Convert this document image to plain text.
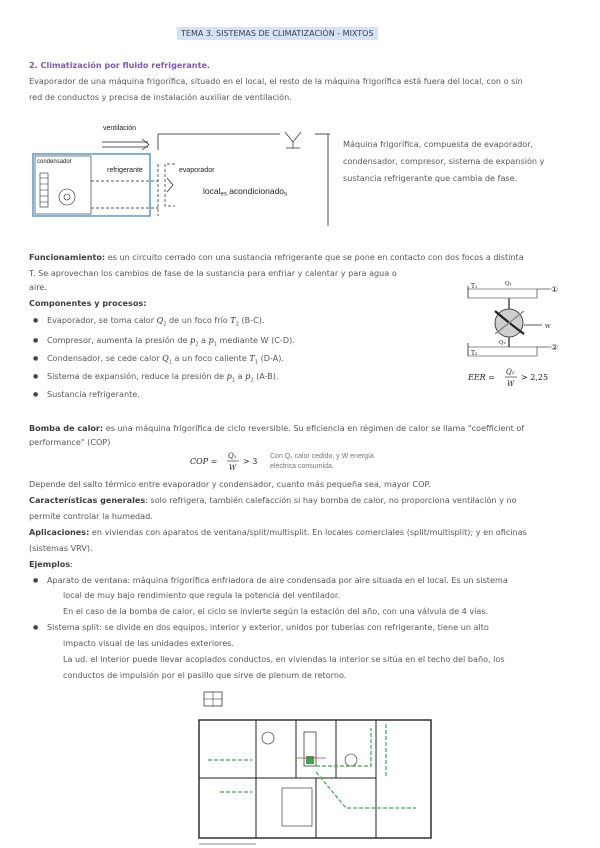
TEMA 3. SISTEMAS DE CLIMATIZACIÓN - MIXTOS
2. Climatización por fluido refrigerante.
Evaporador de una máquina frigorífica, situado en el local, el resto de la máquina frigorífica está fuera del local, con o sin
red de conductos y precisa de instalación auxiliar de ventilación.
ventilación
condensador
refrigerante	evaporador
locales acondicionados
Máquina frigorífica, compuesta de evaporador,
condensador, compresor, sistema de expansión y
sustancia refrigerante que cambia de fase.
Funcionamiento: es un circuito cerrado con una sustancia refrigerante que se pone en contacto con dos focos a distinta
T. Se aprovechan los cambios de fase de la sustancia para enfriar y calentar y para agua o
aire.
Componentes y procesos:
● Evaporador, se toma calor $Q_2$ de un foco frío $T_2$ (B-C).
● Compresor, aumenta la presión de $p_2$ a $p_1$ mediante W (C-D).
● Condensador, se cede calor $Q_1$ a un foco caliente $T_1$ (D-A).
● Sistema de expansión, reduce la presión de $p_1$ a $p_2$ (A-B).
● Sustancia refrigerante.
T₁
T₂
Q₁
Q₂
W
①
②
EER =
Q₂
W
> 2,25
Bomba de calor: es una máquina frigorífica de ciclo reversible. Su eficiencia en régimen de calor se llama "coefficient of
performance" (COP)
COP =
Q₁
W
> 3
Con Q₁ calor cedido, y W energía
eléctrica consumida.
Depende del salto térmico entre evaporador y condensador, cuanto más pequeña sea, mayor COP.
Características generales: solo refrigera, también calefacción si hay bomba de calor, no proporciona ventilación y no
permite controlar la humedad.
Aplicaciones: en viviendas con aparatos de ventana/split/multisplit. En locales comerciales (split/multisplit); y en oficinas
(sistemas VRV).
Ejemplos:
● Aparato de ventana: máquina frigorífica enfriadora de aire condensada por aire situada en el local. Es un sistema
local de muy bajo rendimiento que regula la potencia del ventilador.
En el caso de la bomba de calor, el ciclo se invierte según la estación del año, con una válvula de 4 vías.
● Sistema split: se divide en dos equipos, interior y exterior, unidos por tuberías con refrigerante, tiene un alto
impacto visual de las unidades exteriores.
La ud. el interior puede llevar acoplados conductos, en viviendas la interior se sitúa en el techo del baño, los
conductos de impulsión por el pasillo que sirve de plenum de retorno.
